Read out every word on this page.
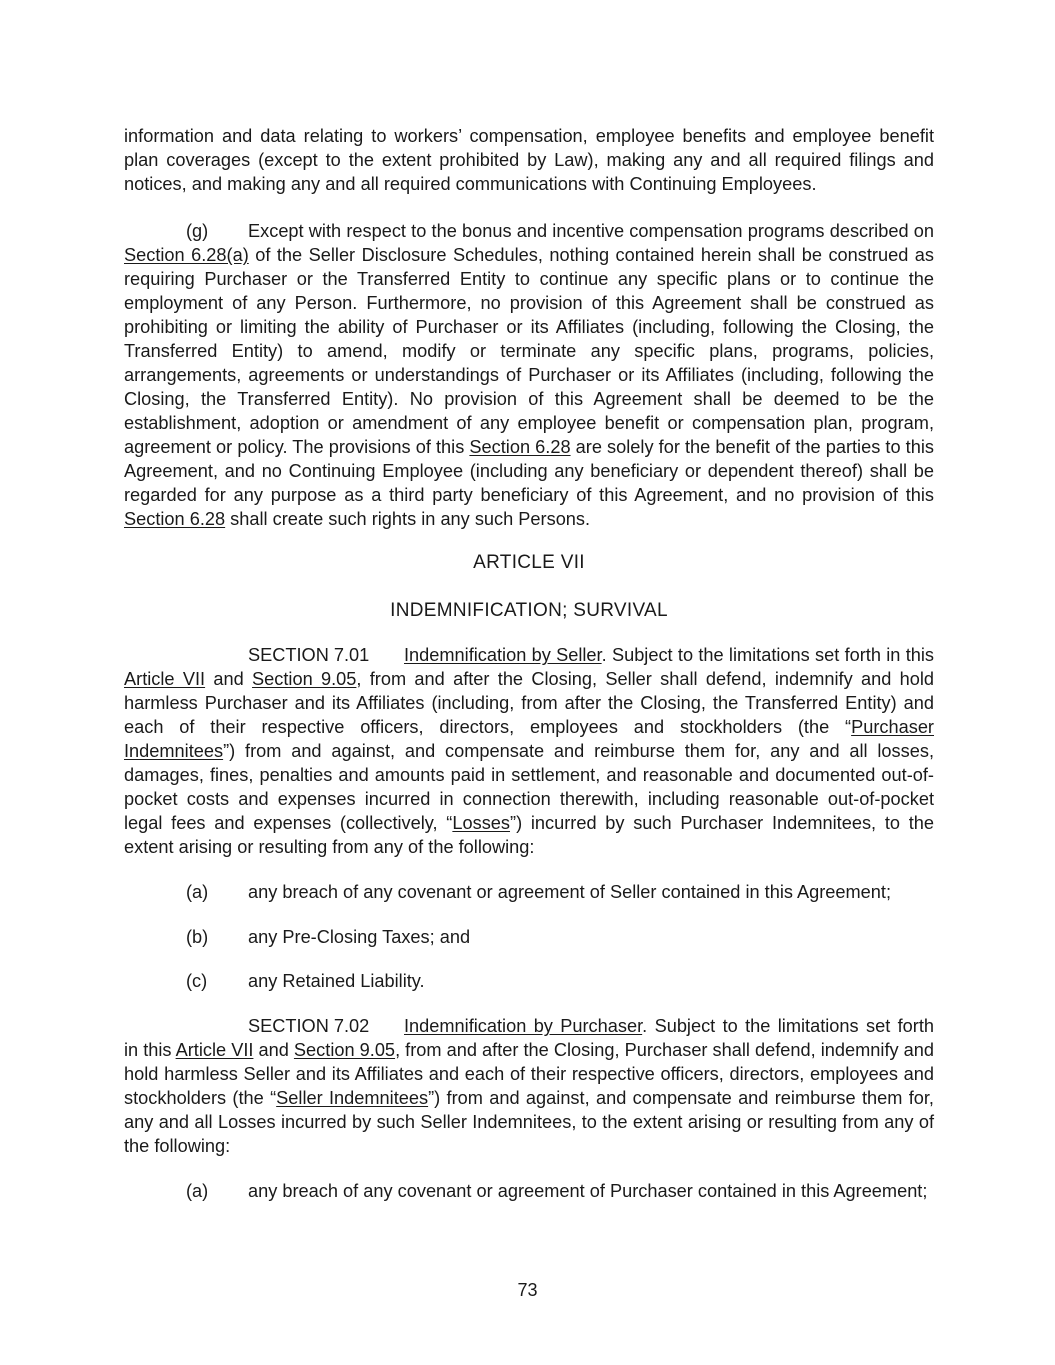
information and data relating to workers’ compensation, employee benefits and employee benefit plan coverages (except to the extent prohibited by Law), making any and all required filings and notices, and making any and all required communications with Continuing Employees.

(g) Except with respect to the bonus and incentive compensation programs described on Section 6.28(a) of the Seller Disclosure Schedules, nothing contained herein shall be construed as requiring Purchaser or the Transferred Entity to continue any specific plans or to continue the employment of any Person. Furthermore, no provision of this Agreement shall be construed as prohibiting or limiting the ability of Purchaser or its Affiliates (including, following the Closing, the Transferred Entity) to amend, modify or terminate any specific plans, programs, policies, arrangements, agreements or understandings of Purchaser or its Affiliates (including, following the Closing, the Transferred Entity). No provision of this Agreement shall be deemed to be the establishment, adoption or amendment of any employee benefit or compensation plan, program, agreement or policy. The provisions of this Section 6.28 are solely for the benefit of the parties to this Agreement, and no Continuing Employee (including any beneficiary or dependent thereof) shall be regarded for any purpose as a third party beneficiary of this Agreement, and no provision of this Section 6.28 shall create such rights in any such Persons.

ARTICLE VII

INDEMNIFICATION; SURVIVAL

SECTION 7.01 Indemnification by Seller. Subject to the limitations set forth in this Article VII and Section 9.05, from and after the Closing, Seller shall defend, indemnify and hold harmless Purchaser and its Affiliates (including, from after the Closing, the Transferred Entity) and each of their respective officers, directors, employees and stockholders (the “Purchaser Indemnitees”) from and against, and compensate and reimburse them for, any and all losses, damages, fines, penalties and amounts paid in settlement, and reasonable and documented out-of-pocket costs and expenses incurred in connection therewith, including reasonable out-of-pocket legal fees and expenses (collectively, “Losses”) incurred by such Purchaser Indemnitees, to the extent arising or resulting from any of the following:

(a) any breach of any covenant or agreement of Seller contained in this Agreement;

(b) any Pre-Closing Taxes; and

(c) any Retained Liability.

SECTION 7.02 Indemnification by Purchaser. Subject to the limitations set forth in this Article VII and Section 9.05, from and after the Closing, Purchaser shall defend, indemnify and hold harmless Seller and its Affiliates and each of their respective officers, directors, employees and stockholders (the “Seller Indemnitees”) from and against, and compensate and reimburse them for, any and all Losses incurred by such Seller Indemnitees, to the extent arising or resulting from any of the following:

(a) any breach of any covenant or agreement of Purchaser contained in this Agreement;

73
